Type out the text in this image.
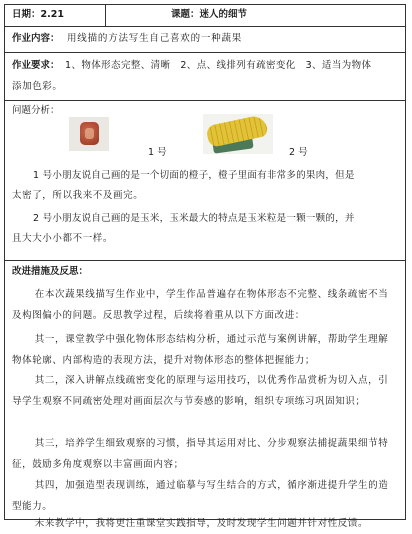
日期：2.21	课题：迷人的细节
作业内容： 用线描的方法写生自己喜欢的一种蔬果
作业要求： 1、物体形态完整、清晰　2、点、线排列有疏密变化　3、适当为物体
添加色彩。
问题分析：
1 号	2 号
1 号小朋友说自己画的是一个切面的橙子，橙子里面有非常多的果肉，但是
太密了，所以我来不及画完。
2 号小朋友说自己画的是玉米，玉米最大的特点是玉米粒是一颗一颗的，并
且大大小小都不一样。
改进措施及反思：
在本次蔬果线描写生作业中，学生作品普遍存在物体形态不完整、线条疏密不当及构图偏小的问题。反思教学过程，后续将着重从以下方面改进：
其一，课堂教学中强化物体形态结构分析，通过示范与案例讲解，帮助学生理解物体轮廓、内部构造的表现方法，提升对物体形态的整体把握能力；
其二，深入讲解点线疏密变化的原理与运用技巧，以优秀作品赏析为切入点，引导学生观察不同疏密处理对画面层次与节奏感的影响，组织专项练习巩固知识；
其三，培养学生细致观察的习惯，指导其运用对比、分步观察法捕捉蔬果细节特征，鼓励多角度观察以丰富画面内容；
其四，加强造型表现训练，通过临摹与写生结合的方式，循序渐进提升学生的造型能力。
未来教学中，我将更注重课堂实践指导，及时发现学生问题并针对性反馈。
